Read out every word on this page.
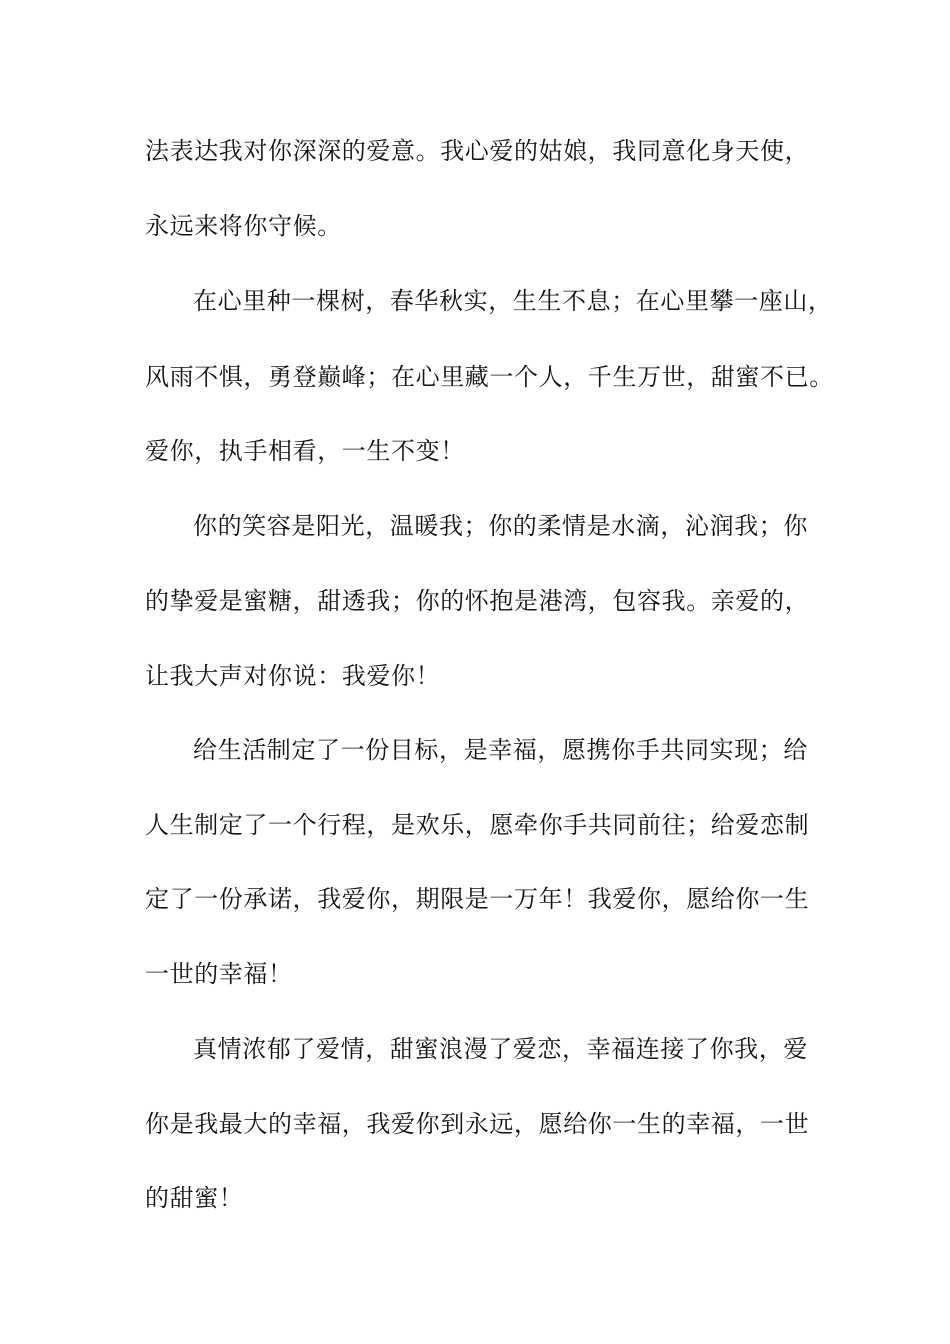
法表达我对你深深的爱意。我心爱的姑娘，我同意化身天使，
永远来将你守候。
在心里种一棵树，春华秋实，生生不息；在心里攀一座山，
风雨不惧，勇登巅峰；在心里藏一个人，千生万世，甜蜜不已。
爱你，执手相看，一生不变！
你的笑容是阳光，温暖我；你的柔情是水滴，沁润我；你
的挚爱是蜜糖，甜透我；你的怀抱是港湾，包容我。亲爱的，
让我大声对你说：我爱你！
给生活制定了一份目标，是幸福，愿携你手共同实现；给
人生制定了一个行程，是欢乐，愿牵你手共同前往；给爱恋制
定了一份承诺，我爱你，期限是一万年！我爱你，愿给你一生
一世的幸福！
真情浓郁了爱情，甜蜜浪漫了爱恋，幸福连接了你我，爱
你是我最大的幸福，我爱你到永远，愿给你一生的幸福，一世
的甜蜜！
